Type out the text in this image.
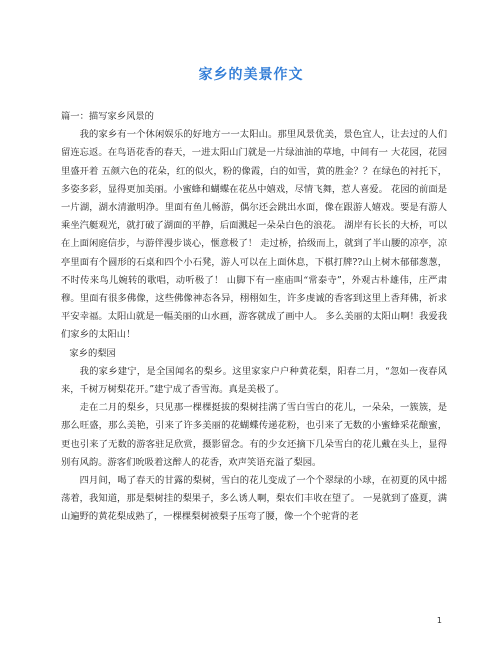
家乡的美景作文

篇一：描写家乡风景的

我的家乡有一个休闲娱乐的好地方一一太阳山。那里风景优美，景色宜人，让去过的人们留连忘返。在鸟语花香的春天，一进太阳山门就是一片绿油油的草地，中间有一 大花园，花园里盛开着 五颜六色的花朵，红的似火，粉的像霞，白的如雪，黄的胜金？？在绿色的衬托下，多姿多彩，显得更加美丽。小蜜蜂和蝴蝶在花丛中嬉戏，尽情飞舞，惹人喜爱。 花园的前面是一片湖，湖水清澈明净。里面有鱼儿畅游，偶尔还会跳出水面，像在跟游人嬉戏。要是有游人乘坐汽艇观光，就打破了湖面的平静，后面溅起一朵朵白色的浪花。 湖岸有长长的大桥，可以在上面闲庭信步，与游伴漫步谈心，惬意极了！ 走过桥，拾级而上，就到了半山腰的凉亭，凉亭里面有个圆形的石桌和四个小石凳，游人可以在上面休息，下棋打牌??山上树木郁郁葱葱，不时传来鸟儿婉转的歌唱，动听极了！ 山脚下有一座庙叫“常泰寺”，外观古朴雄伟，庄严肃穆。里面有很多佛像，这些佛像神态各异，栩栩如生，许多虔诚的香客到这里上香拜佛，祈求平安幸福。太阳山就是一幅美丽的山水画，游客就成了画中人。 多么美丽的太阳山啊！我爱我们家乡的太阳山！

家乡的梨园

我的家乡建宁，是全国闻名的梨乡。这里家家户户种黄花梨，阳春二月，“忽如一夜春风来，千树万树梨花开。”建宁成了香雪海。真是美极了。

走在二月的梨乡，只见那一棵棵挺拔的梨树挂满了雪白雪白的花儿，一朵朵，一簇簇，是那么旺盛，那么美艳，引来了许多美丽的花蝴蝶传递花粉，也引来了无数的小蜜蜂采花酿蜜，更也引来了无数的游客驻足欣赏，摄影留念。有的少女还摘下几朵雪白的花儿戴在头上，显得别有风韵。游客们吮吸着这醉人的花香，欢声笑语充溢了梨园。

四月间，喝了春天的甘露的梨树，雪白的花儿变成了一个个翠绿的小球，在初夏的风中摇荡着，我知道，那是梨树挂的梨果子，多么诱人啊，梨农们丰收在望了。 一晃就到了盛夏，满山遍野的黄花梨成熟了，一棵棵梨树被梨子压弯了腰，像一个个驼背的老

1
